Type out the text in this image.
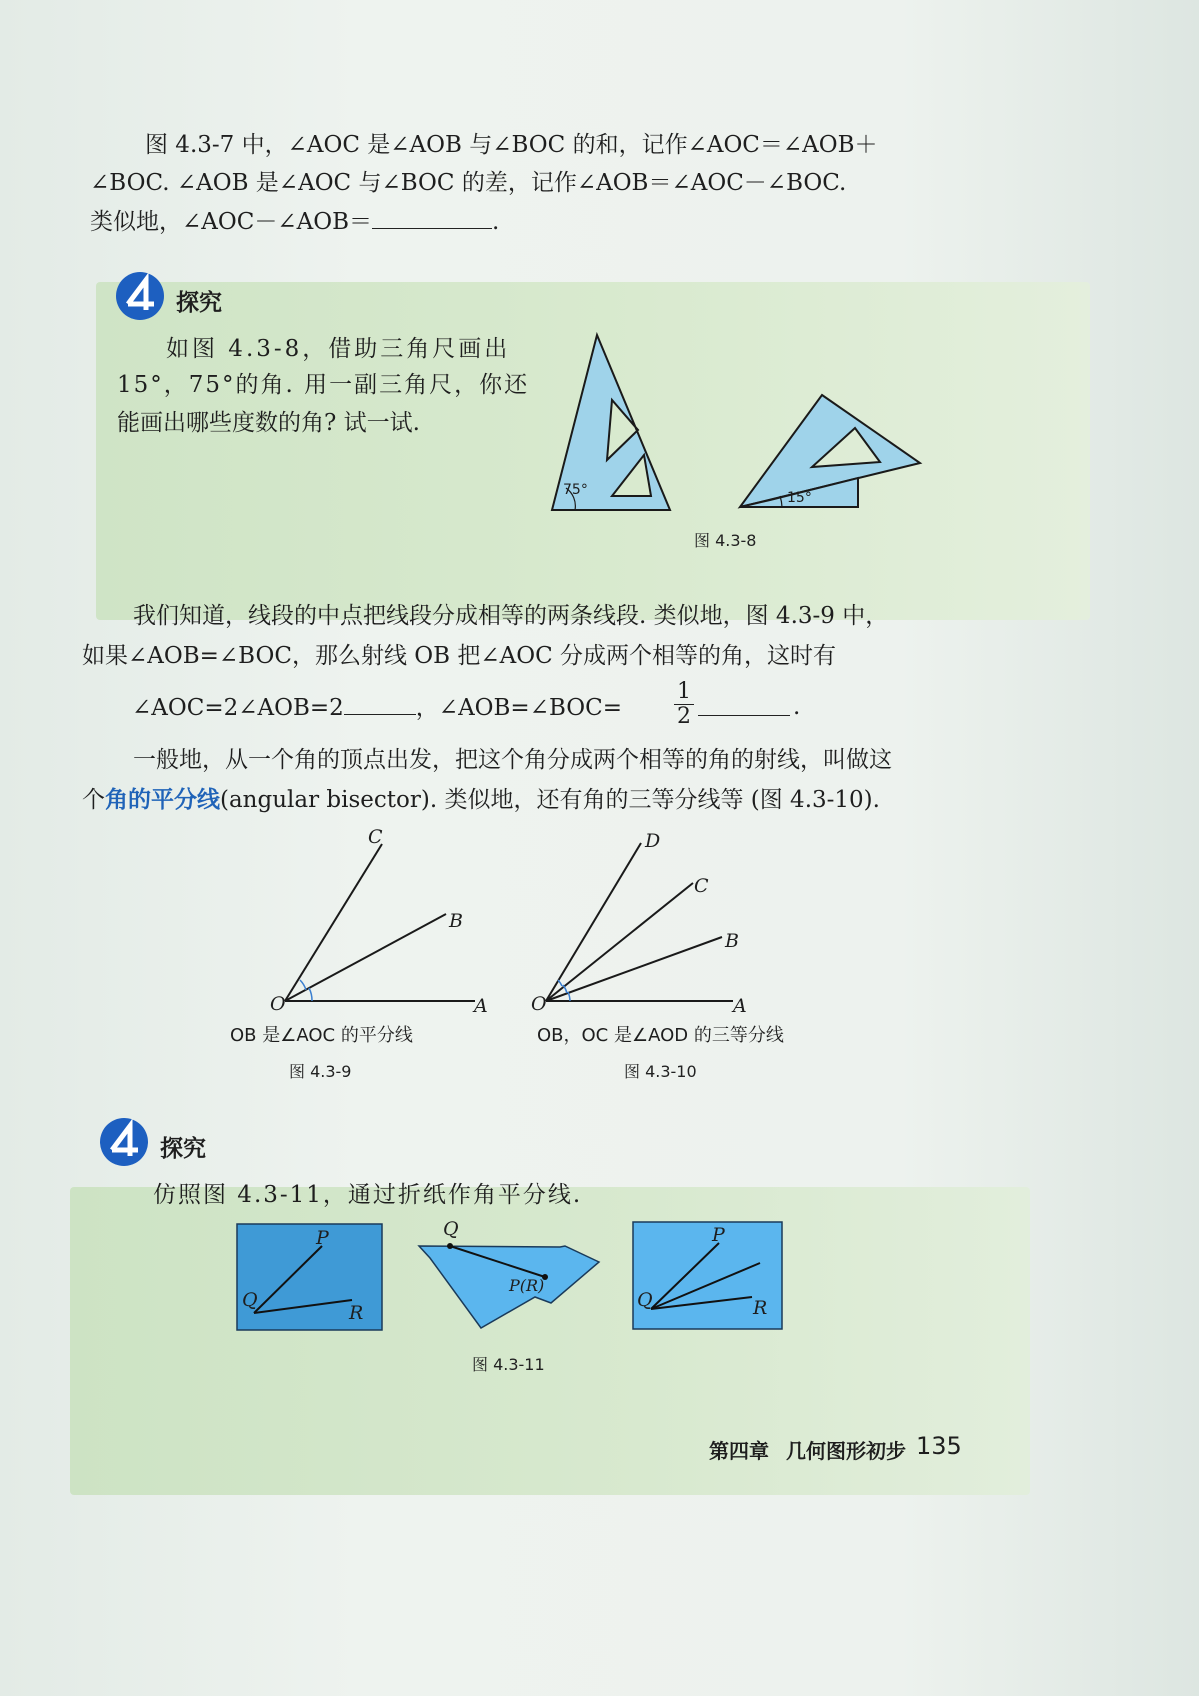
图 4.3-7 中，∠AOC 是∠AOB 与∠BOC 的和，记作∠AOC＝∠AOB＋
∠BOC. ∠AOB 是∠AOC 与∠BOC 的差，记作∠AOB＝∠AOC－∠BOC.
类似地，∠AOC－∠AOB＝	.
探究
如图 4.3-8，借助三角尺画出
15°，75°的角. 用一副三角尺，你还
能画出哪些度数的角? 试一试.
75°	15°
图 4.3-8
我们知道，线段的中点把线段分成相等的两条线段. 类似地，图 4.3-9 中，
如果∠AOB=∠BOC，那么射线 OB 把∠AOC 分成两个相等的角，这时有
∠AOC=2∠AOB=2	，∠AOB=∠BOC= $\frac{1}{2}$	.
一般地，从一个角的顶点出发，把这个角分成两个相等的角的射线，叫做这
个角的平分线(angular bisector). 类似地，还有角的三等分线等 (图 4.3-10).
C
B
O	A
OB 是∠AOC 的平分线
图 4.3-9
D
C
B
O	A
OB，OC 是∠AOD 的三等分线
图 4.3-10
探究
仿照图 4.3-11，通过折纸作角平分线.
P
Q
R
Q
P(R)
P
Q	R
图 4.3-11
第四章 几何图形初步 135
